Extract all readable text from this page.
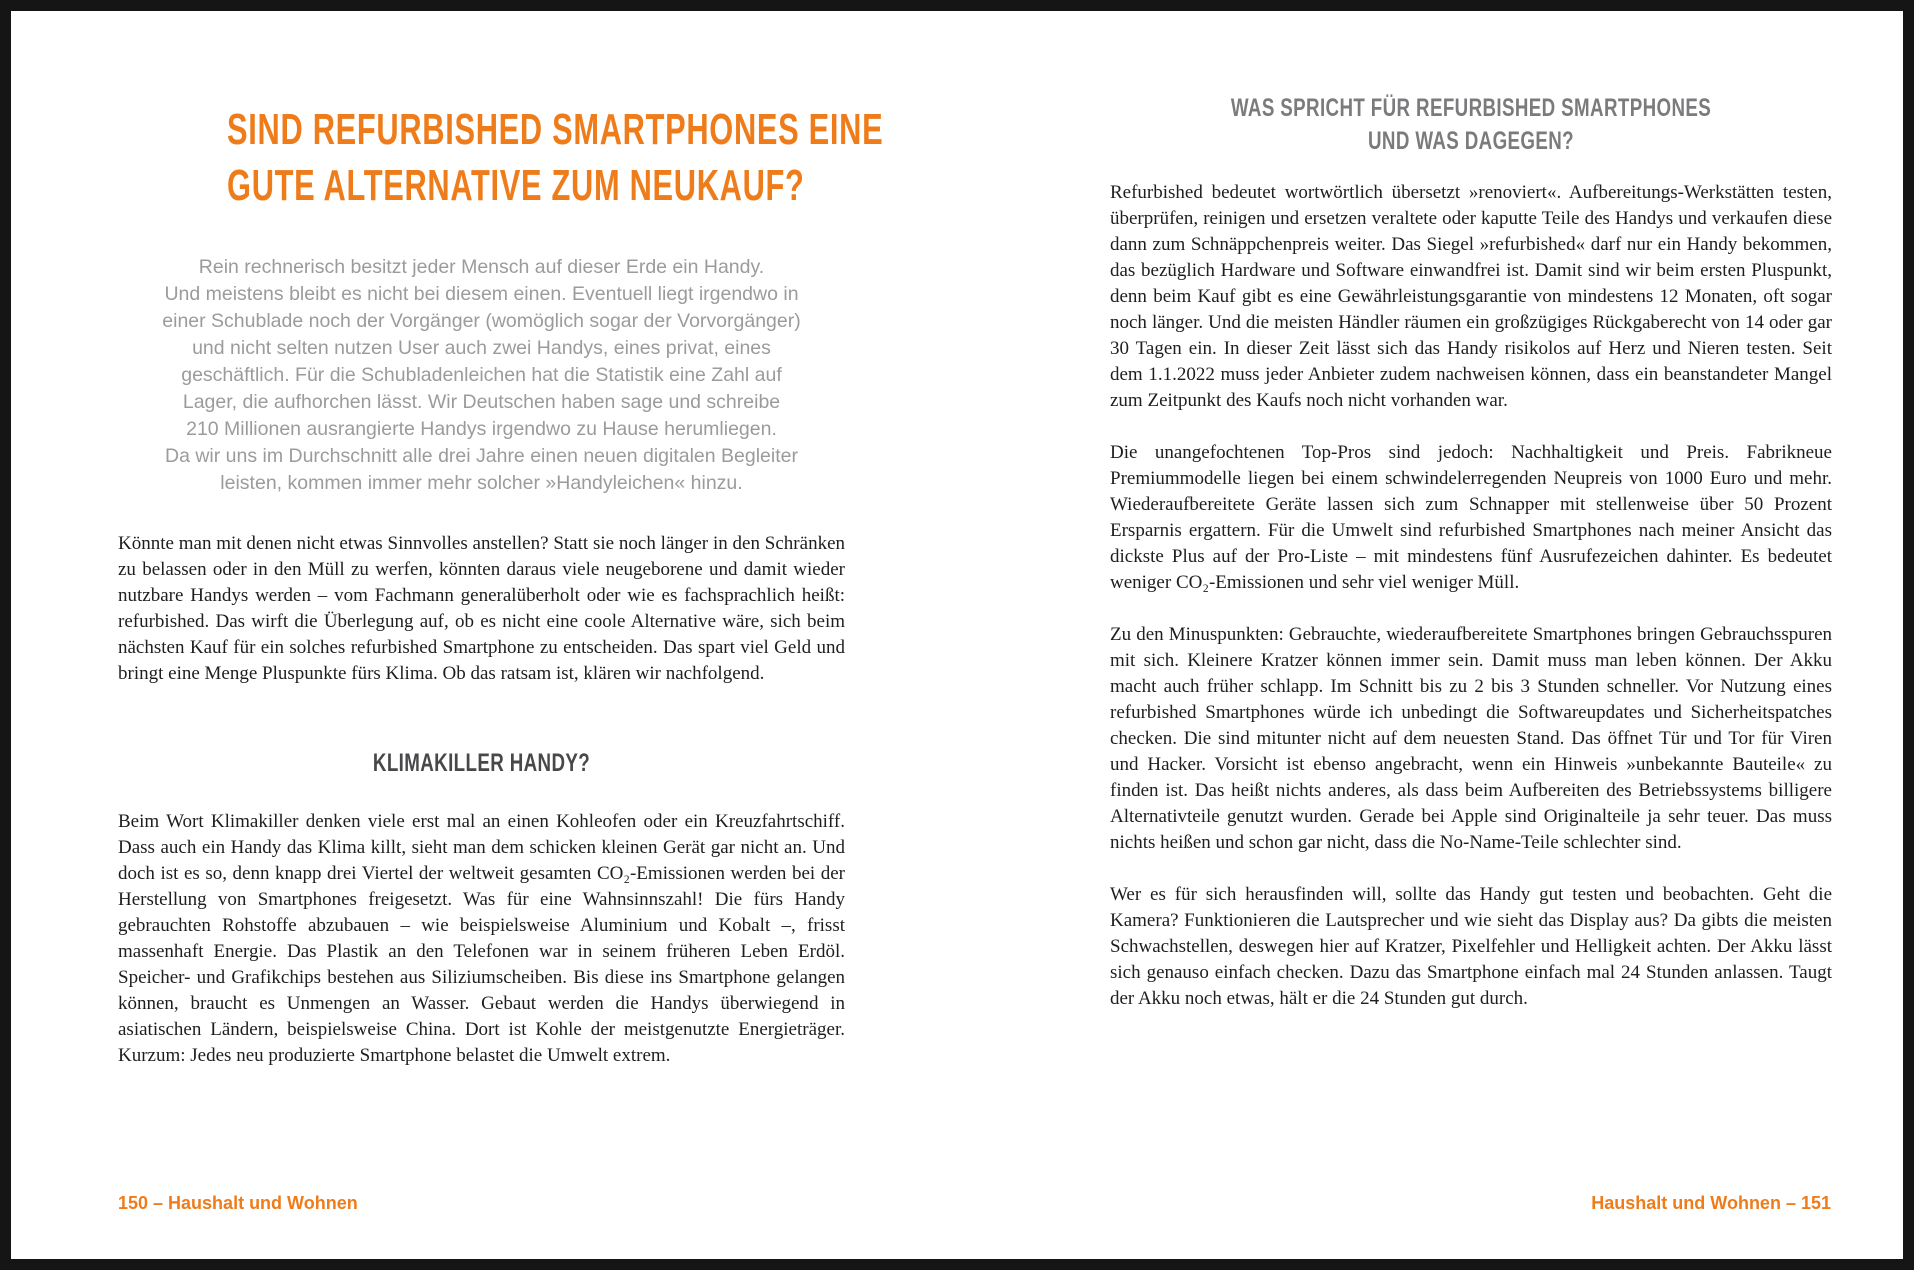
SIND REFURBISHED SMARTPHONES EINE
GUTE ALTERNATIVE ZUM NEUKAUF?
Rein rechnerisch besitzt jeder Mensch auf dieser Erde ein Handy.
Und meistens bleibt es nicht bei diesem einen. Eventuell liegt irgendwo in
einer Schublade noch der Vorgänger (womöglich sogar der Vorvorgänger)
und nicht selten nutzen User auch zwei Handys, eines privat, eines
geschäftlich. Für die Schubladenleichen hat die Statistik eine Zahl auf
Lager, die aufhorchen lässt. Wir Deutschen haben sage und schreibe
210 Millionen ausrangierte Handys irgendwo zu Hause herumliegen.
Da wir uns im Durchschnitt alle drei Jahre einen neuen digitalen Begleiter
leisten, kommen immer mehr solcher »Handyleichen« hinzu.

Könnte man mit denen nicht etwas Sinnvolles anstellen? Statt sie noch länger in den Schränken zu belassen oder in den Müll zu werfen, könnten daraus viele neugeborene und damit wieder nutzbare Handys werden – vom Fachmann generalüberholt oder wie es fachsprachlich heißt: refurbished. Das wirft die Überlegung auf, ob es nicht eine coole Alternative wäre, sich beim nächsten Kauf für ein solches refurbished Smartphone zu entscheiden. Das spart viel Geld und bringt eine Menge Pluspunkte fürs Klima. Ob das ratsam ist, klären wir nachfolgend.

KLIMAKILLER HANDY?

Beim Wort Klimakiller denken viele erst mal an einen Kohleofen oder ein Kreuzfahrtschiff. Dass auch ein Handy das Klima killt, sieht man dem schicken kleinen Gerät gar nicht an. Und doch ist es so, denn knapp drei Viertel der weltweit gesamten CO₂-Emissionen werden bei der Herstellung von Smartphones freigesetzt. Was für eine Wahnsinnszahl! Die fürs Handy gebrauchten Rohstoffe abzubauen – wie beispielsweise Aluminium und Kobalt –, frisst massenhaft Energie. Das Plastik an den Telefonen war in seinem früheren Leben Erdöl. Speicher- und Grafikchips bestehen aus Siliziumscheiben. Bis diese ins Smartphone gelangen können, braucht es Unmengen an Wasser. Gebaut werden die Handys überwiegend in asiatischen Ländern, beispielsweise China. Dort ist Kohle der meistgenutzte Energieträger. Kurzum: Jedes neu produzierte Smartphone belastet die Umwelt extrem.

150 – Haushalt und Wohnen
WAS SPRICHT FÜR REFURBISHED SMARTPHONES
UND WAS DAGEGEN?

Refurbished bedeutet wortwörtlich übersetzt »renoviert«. Aufbereitungs-Werkstätten testen, überprüfen, reinigen und ersetzen veraltete oder kaputte Teile des Handys und verkaufen diese dann zum Schnäppchenpreis weiter. Das Siegel »refurbished« darf nur ein Handy bekommen, das bezüglich Hardware und Software einwandfrei ist. Damit sind wir beim ersten Pluspunkt, denn beim Kauf gibt es eine Gewährleistungsgarantie von mindestens 12 Monaten, oft sogar noch länger. Und die meisten Händler räumen ein großzügiges Rückgaberecht von 14 oder gar 30 Tagen ein. In dieser Zeit lässt sich das Handy risikolos auf Herz und Nieren testen. Seit dem 1.1.2022 muss jeder Anbieter zudem nachweisen können, dass ein beanstandeter Mangel zum Zeitpunkt des Kaufs noch nicht vorhanden war.

Die unangefochtenen Top-Pros sind jedoch: Nachhaltigkeit und Preis. Fabrikneue Premiummodelle liegen bei einem schwindelerregenden Neupreis von 1000 Euro und mehr. Wiederaufbereitete Geräte lassen sich zum Schnapper mit stellenweise über 50 Prozent Ersparnis ergattern. Für die Umwelt sind refurbished Smartphones nach meiner Ansicht das dickste Plus auf der Pro-Liste – mit mindestens fünf Ausrufezeichen dahinter. Es bedeutet weniger CO₂-Emissionen und sehr viel weniger Müll.

Zu den Minuspunkten: Gebrauchte, wiederaufbereitete Smartphones bringen Gebrauchsspuren mit sich. Kleinere Kratzer können immer sein. Damit muss man leben können. Der Akku macht auch früher schlapp. Im Schnitt bis zu 2 bis 3 Stunden schneller. Vor Nutzung eines refurbished Smartphones würde ich unbedingt die Softwareupdates und Sicherheitspatches checken. Die sind mitunter nicht auf dem neuesten Stand. Das öffnet Tür und Tor für Viren und Hacker. Vorsicht ist ebenso angebracht, wenn ein Hinweis »unbekannte Bauteile« zu finden ist. Das heißt nichts anderes, als dass beim Aufbereiten des Betriebssystems billigere Alternativteile genutzt wurden. Gerade bei Apple sind Originalteile ja sehr teuer. Das muss nichts heißen und schon gar nicht, dass die No-Name-Teile schlechter sind.

Wer es für sich herausfinden will, sollte das Handy gut testen und beobachten. Geht die Kamera? Funktionieren die Lautsprecher und wie sieht das Display aus? Da gibts die meisten Schwachstellen, deswegen hier auf Kratzer, Pixelfehler und Helligkeit achten. Der Akku lässt sich genauso einfach checken. Dazu das Smartphone einfach mal 24 Stunden anlassen. Taugt der Akku noch etwas, hält er die 24 Stunden gut durch.

Haushalt und Wohnen – 151
